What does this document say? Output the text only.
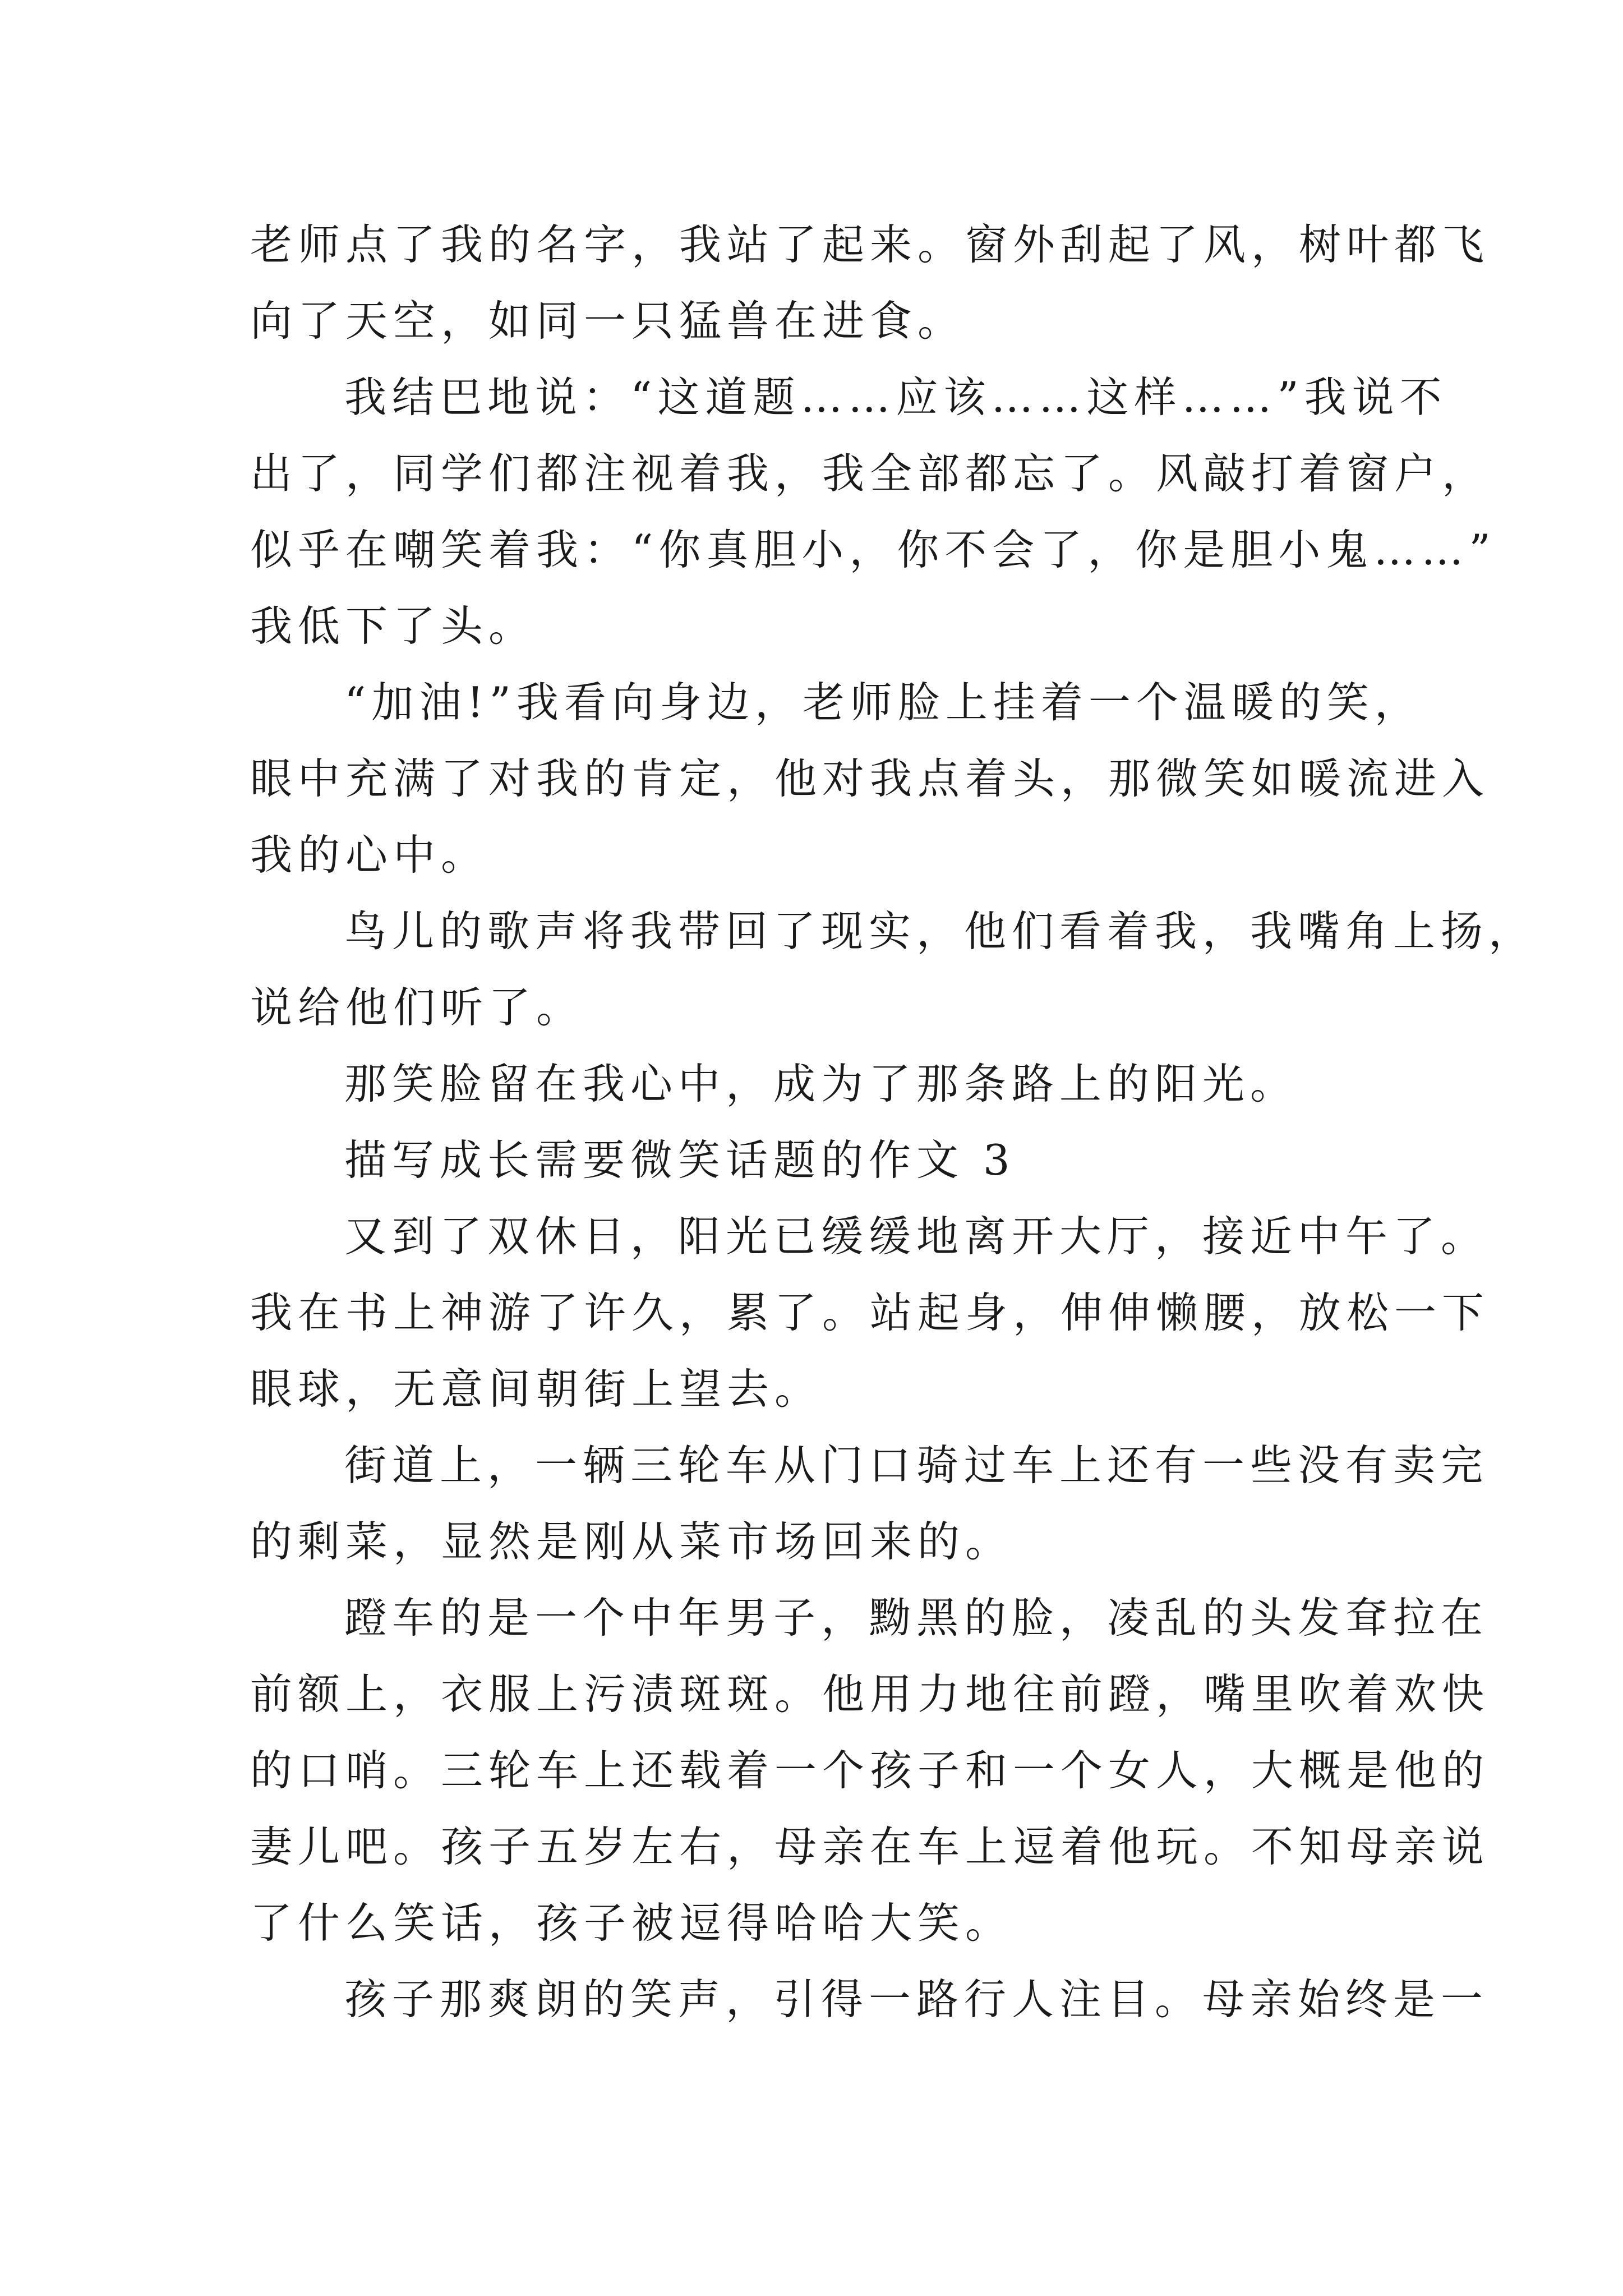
老师点了我的名字，我站了起来。窗外刮起了风，树叶都飞
向了天空，如同一只猛兽在进食。
我结巴地说：“这道题……应该……这样……”我说不
出了，同学们都注视着我，我全部都忘了。风敲打着窗户，
似乎在嘲笑着我：“你真胆小，你不会了，你是胆小鬼……”
我低下了头。
“加油!”我看向身边，老师脸上挂着一个温暖的笑，
眼中充满了对我的肯定，他对我点着头，那微笑如暖流进入
我的心中。
鸟儿的歌声将我带回了现实，他们看着我，我嘴角上扬，
说给他们听了。
那笑脸留在我心中，成为了那条路上的阳光。
描写成长需要微笑话题的作文 3
又到了双休日，阳光已缓缓地离开大厅，接近中午了。
我在书上神游了许久，累了。站起身，伸伸懒腰，放松一下
眼球，无意间朝街上望去。
街道上，一辆三轮车从门口骑过车上还有一些没有卖完
的剩菜，显然是刚从菜市场回来的。
蹬车的是一个中年男子，黝黑的脸，凌乱的头发耷拉在
前额上，衣服上污渍斑斑。他用力地往前蹬，嘴里吹着欢快
的口哨。三轮车上还载着一个孩子和一个女人，大概是他的
妻儿吧。孩子五岁左右，母亲在车上逗着他玩。不知母亲说
了什么笑话，孩子被逗得哈哈大笑。
孩子那爽朗的笑声，引得一路行人注目。母亲始终是一
